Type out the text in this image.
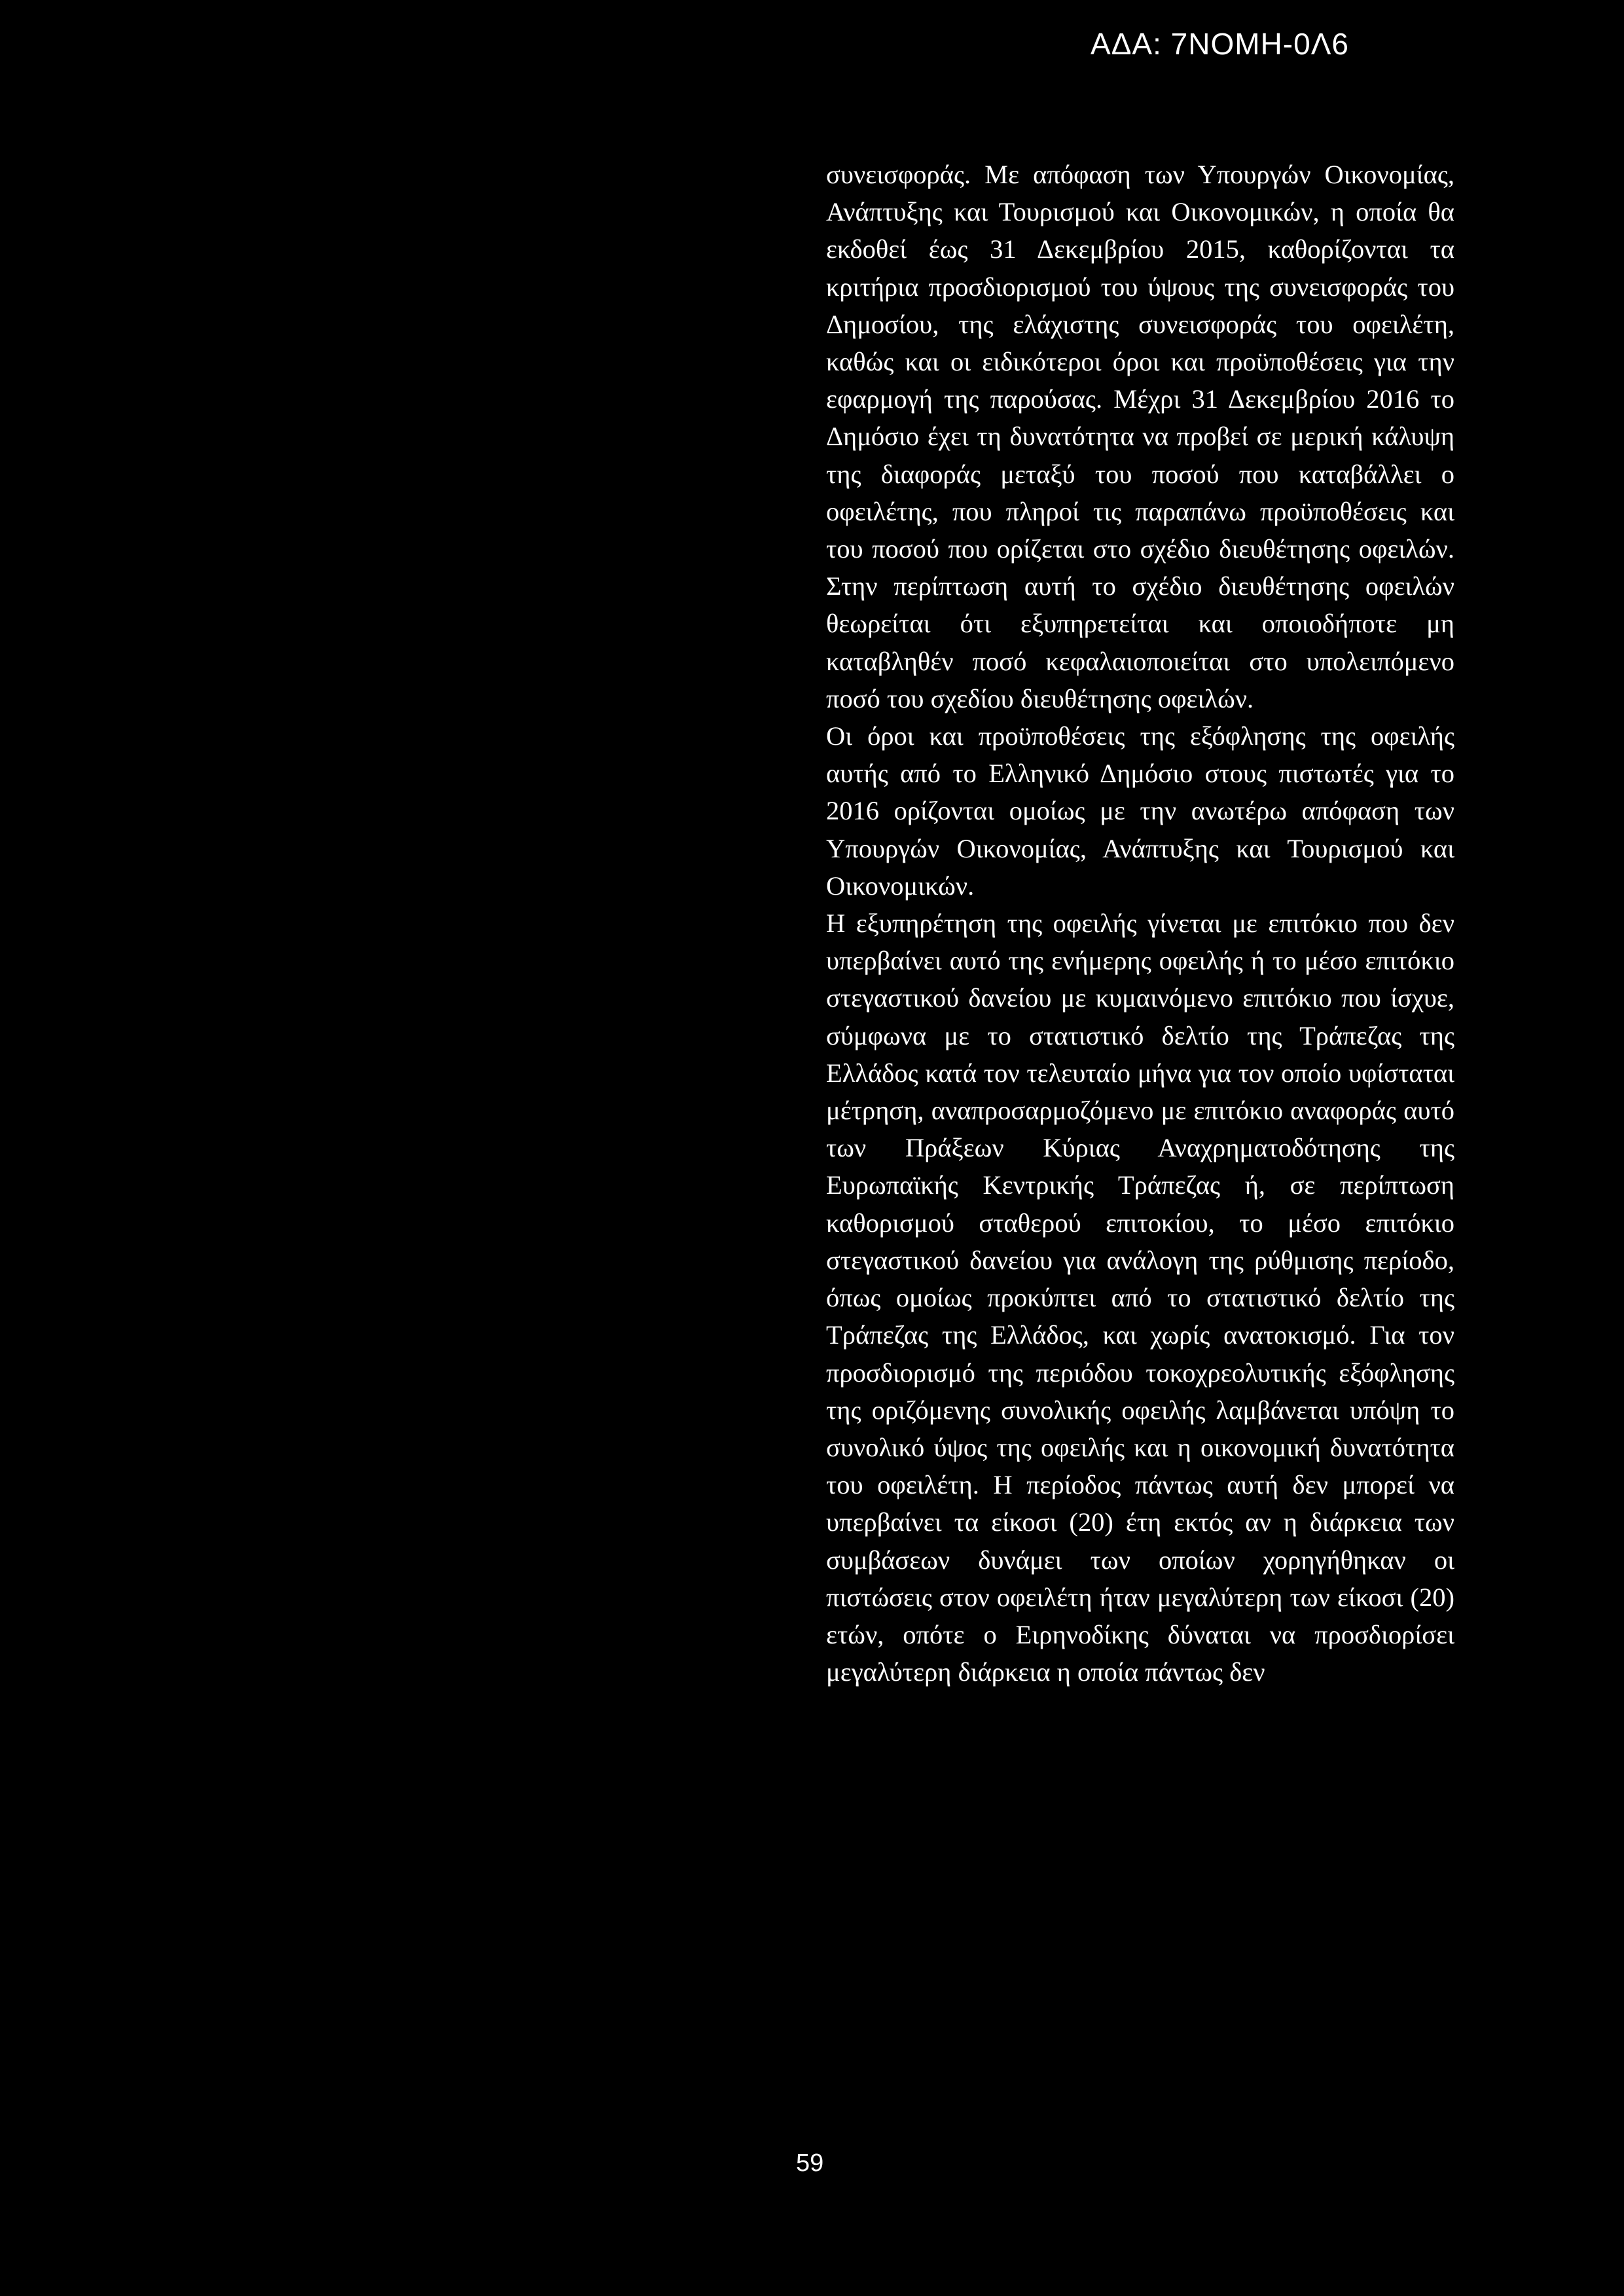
ΑΔΑ: 7ΝΟΜΗ-0Λ6

συνεισφοράς. Με απόφαση των Υπουργών Οικονομίας, Ανάπτυξης και Τουρισμού και Οικονομικών, η οποία θα εκδοθεί έως 31 Δεκεμβρίου 2015, καθορίζονται τα κριτήρια προσδιορισμού του ύψους της συνεισφοράς του Δημοσίου, της ελάχιστης συνεισφοράς του οφειλέτη, καθώς και οι ειδικότεροι όροι και προϋποθέσεις για την εφαρμογή της παρούσας. Μέχρι 31 Δεκεμβρίου 2016 το Δημόσιο έχει τη δυνατότητα να προβεί σε μερική κάλυψη της διαφοράς μεταξύ του ποσού που καταβάλλει ο οφειλέτης, που πληροί τις παραπάνω προϋποθέσεις και του ποσού που ορίζεται στο σχέδιο διευθέτησης οφειλών. Στην περίπτωση αυτή το σχέδιο διευθέτησης οφειλών θεωρείται ότι εξυπηρετείται και οποιοδήποτε μη καταβληθέν ποσό κεφαλαιοποιείται στο υπολειπόμενο ποσό του σχεδίου διευθέτησης οφειλών.

Οι όροι και προϋποθέσεις της εξόφλησης της οφειλής αυτής από το Ελληνικό Δημόσιο στους πιστωτές για το 2016 ορίζονται ομοίως με την ανωτέρω απόφαση των Υπουργών Οικονομίας, Ανάπτυξης και Τουρισμού και Οικονομικών.

Η εξυπηρέτηση της οφειλής γίνεται με επιτόκιο που δεν υπερβαίνει αυτό της ενήμερης οφειλής ή το μέσο επιτόκιο στεγαστικού δανείου με κυμαινόμενο επιτόκιο που ίσχυε, σύμφωνα με το στατιστικό δελτίο της Τράπεζας της Ελλάδος κατά τον τελευταίο μήνα για τον οποίο υφίσταται μέτρηση, αναπροσαρμοζόμενο με επιτόκιο αναφοράς αυτό των Πράξεων Κύριας Αναχρηματοδότησης της Ευρωπαϊκής Κεντρικής Τράπεζας ή, σε περίπτωση καθορισμού σταθερού επιτοκίου, το μέσο επιτόκιο στεγαστικού δανείου για ανάλογη της ρύθμισης περίοδο, όπως ομοίως προκύπτει από το στατιστικό δελτίο της Τράπεζας της Ελλάδος, και χωρίς ανατοκισμό. Για τον προσδιορισμό της περιόδου τοκοχρεολυτικής εξόφλησης της οριζόμενης συνολικής οφειλής λαμβάνεται υπόψη το συνολικό ύψος της οφειλής και η οικονομική δυνατότητα του οφειλέτη. Η περίοδος πάντως αυτή δεν μπορεί να υπερβαίνει τα είκοσι (20) έτη εκτός αν η διάρκεια των συμβάσεων δυνάμει των οποίων χορηγήθηκαν οι πιστώσεις στον οφειλέτη ήταν μεγαλύτερη των είκοσι (20) ετών, οπότε ο Ειρηνοδίκης δύναται να προσδιορίσει μεγαλύτερη διάρκεια η οποία πάντως δεν

59
